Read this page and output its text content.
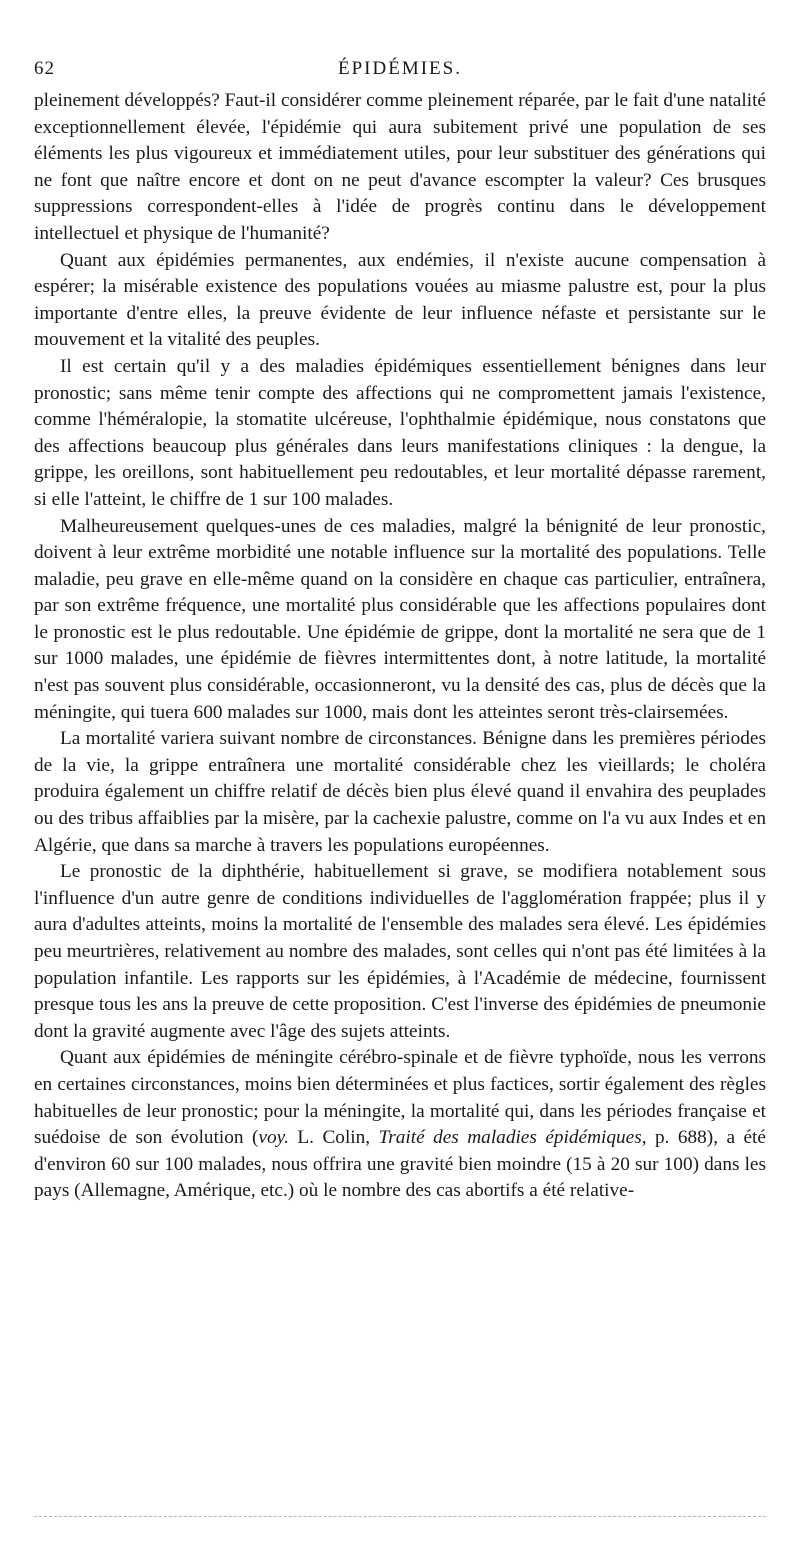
62	ÉPIDÉMIES.

pleinement développés? Faut-il considérer comme pleinement réparée, par le fait d'une natalité exceptionnellement élevée, l'épidémie qui aura subitement privé une population de ses éléments les plus vigoureux et immédiatement utiles, pour leur substituer des générations qui ne font que naître encore et dont on ne peut d'avance escompter la valeur? Ces brusques suppressions correspondent-elles à l'idée de progrès continu dans le développement intellectuel et physique de l'humanité?

Quant aux épidémies permanentes, aux endémies, il n'existe aucune compensation à espérer; la misérable existence des populations vouées au miasme palustre est, pour la plus importante d'entre elles, la preuve évidente de leur influence néfaste et persistante sur le mouvement et la vitalité des peuples.

Il est certain qu'il y a des maladies épidémiques essentiellement bénignes dans leur pronostic; sans même tenir compte des affections qui ne compromettent jamais l'existence, comme l'héméralopie, la stomatite ulcéreuse, l'ophthalmie épidémique, nous constatons que des affections beaucoup plus générales dans leurs manifestations cliniques : la dengue, la grippe, les oreillons, sont habituellement peu redoutables, et leur mortalité dépasse rarement, si elle l'atteint, le chiffre de 1 sur 100 malades.

Malheureusement quelques-unes de ces maladies, malgré la bénignité de leur pronostic, doivent à leur extrême morbidité une notable influence sur la mortalité des populations. Telle maladie, peu grave en elle-même quand on la considère en chaque cas particulier, entraînera, par son extrême fréquence, une mortalité plus considérable que les affections populaires dont le pronostic est le plus redoutable. Une épidémie de grippe, dont la mortalité ne sera que de 1 sur 1000 malades, une épidémie de fièvres intermittentes dont, à notre latitude, la mortalité n'est pas souvent plus considérable, occasionneront, vu la densité des cas, plus de décès que la méningite, qui tuera 600 malades sur 1000, mais dont les atteintes seront très-clairsemées.

La mortalité variera suivant nombre de circonstances. Bénigne dans les premières périodes de la vie, la grippe entraînera une mortalité considérable chez les vieillards; le choléra produira également un chiffre relatif de décès bien plus élevé quand il envahira des peuplades ou des tribus affaiblies par la misère, par la cachexie palustre, comme on l'a vu aux Indes et en Algérie, que dans sa marche à travers les populations européennes.

Le pronostic de la diphthérie, habituellement si grave, se modifiera notablement sous l'influence d'un autre genre de conditions individuelles de l'agglomération frappée; plus il y aura d'adultes atteints, moins la mortalité de l'ensemble des malades sera élevé. Les épidémies peu meurtrières, relativement au nombre des malades, sont celles qui n'ont pas été limitées à la population infantile. Les rapports sur les épidémies, à l'Académie de médecine, fournissent presque tous les ans la preuve de cette proposition. C'est l'inverse des épidémies de pneumonie dont la gravité augmente avec l'âge des sujets atteints.

Quant aux épidémies de méningite cérébro-spinale et de fièvre typhoïde, nous les verrons en certaines circonstances, moins bien déterminées et plus factices, sortir également des règles habituelles de leur pronostic; pour la méningite, la mortalité qui, dans les périodes française et suédoise de son évolution (voy. L. Colin, Traité des maladies épidémiques, p. 688), a été d'environ 60 sur 100 malades, nous offrira une gravité bien moindre (15 à 20 sur 100) dans les pays (Allemagne, Amérique, etc.) où le nombre des cas abortifs a été relative-
